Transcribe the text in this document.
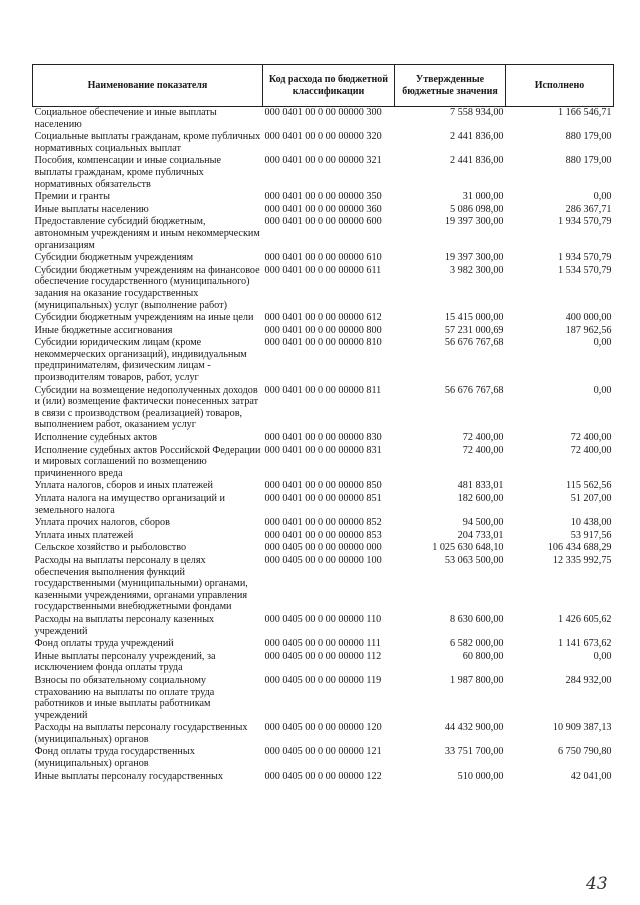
Наименование показателя	Код расхода по бюджетной классификации	Утвержденные бюджетные значения	Исполнено
Социальное обеспечение и иные выплаты населению	000 0401 00 0 00 00000 300	7 558 934,00	1 166 546,71
Социальные выплаты гражданам, кроме публичных нормативных социальных выплат	000 0401 00 0 00 00000 320	2 441 836,00	880 179,00
Пособия, компенсации и иные социальные выплаты гражданам, кроме публичных нормативных обязательств	000 0401 00 0 00 00000 321	2 441 836,00	880 179,00
Премии и гранты	000 0401 00 0 00 00000 350	31 000,00	0,00
Иные выплаты населению	000 0401 00 0 00 00000 360	5 086 098,00	286 367,71
Предоставление субсидий бюджетным, автономным учреждениям и иным некоммерческим организациям	000 0401 00 0 00 00000 600	19 397 300,00	1 934 570,79
Субсидии бюджетным учреждениям	000 0401 00 0 00 00000 610	19 397 300,00	1 934 570,79
Субсидии бюджетным учреждениям на финансовое обеспечение государственного (муниципального) задания на оказание государственных (муниципальных) услуг (выполнение работ)	000 0401 00 0 00 00000 611	3 982 300,00	1 534 570,79
Субсидии бюджетным учреждениям на иные цели	000 0401 00 0 00 00000 612	15 415 000,00	400 000,00
Иные бюджетные ассигнования	000 0401 00 0 00 00000 800	57 231 000,69	187 962,56
Субсидии юридическим лицам (кроме некоммерческих организаций), индивидуальным предпринимателям, физическим лицам - производителям товаров, работ, услуг	000 0401 00 0 00 00000 810	56 676 767,68	0,00
Субсидии на возмещение недополученных доходов и (или) возмещение фактически понесенных затрат в связи с производством (реализацией) товаров, выполнением работ, оказанием услуг	000 0401 00 0 00 00000 811	56 676 767,68	0,00
Исполнение судебных актов	000 0401 00 0 00 00000 830	72 400,00	72 400,00
Исполнение судебных актов Российской Федерации и мировых соглашений по возмещению причиненного вреда	000 0401 00 0 00 00000 831	72 400,00	72 400,00
Уплата налогов, сборов и иных платежей	000 0401 00 0 00 00000 850	481 833,01	115 562,56
Уплата налога на имущество организаций и земельного налога	000 0401 00 0 00 00000 851	182 600,00	51 207,00
Уплата прочих налогов, сборов	000 0401 00 0 00 00000 852	94 500,00	10 438,00
Уплата иных платежей	000 0401 00 0 00 00000 853	204 733,01	53 917,56
Сельское хозяйство и рыболовство	000 0405 00 0 00 00000 000	1 025 630 648,10	106 434 688,29
Расходы на выплаты персоналу в целях обеспечения выполнения функций государственными (муниципальными) органами, казенными учреждениями, органами управления государственными внебюджетными фондами	000 0405 00 0 00 00000 100	53 063 500,00	12 335 992,75
Расходы на выплаты персоналу казенных учреждений	000 0405 00 0 00 00000 110	8 630 600,00	1 426 605,62
Фонд оплаты труда учреждений	000 0405 00 0 00 00000 111	6 582 000,00	1 141 673,62
Иные выплаты персоналу учреждений, за исключением фонда оплаты труда	000 0405 00 0 00 00000 112	60 800,00	0,00
Взносы по обязательному социальному страхованию на выплаты по оплате труда работников и иные выплаты работникам учреждений	000 0405 00 0 00 00000 119	1 987 800,00	284 932,00
Расходы на выплаты персоналу государственных (муниципальных) органов	000 0405 00 0 00 00000 120	44 432 900,00	10 909 387,13
Фонд оплаты труда государственных (муниципальных) органов	000 0405 00 0 00 00000 121	33 751 700,00	6 750 790,80
Иные выплаты персоналу государственных	000 0405 00 0 00 00000 122	510 000,00	42 041,00
43
